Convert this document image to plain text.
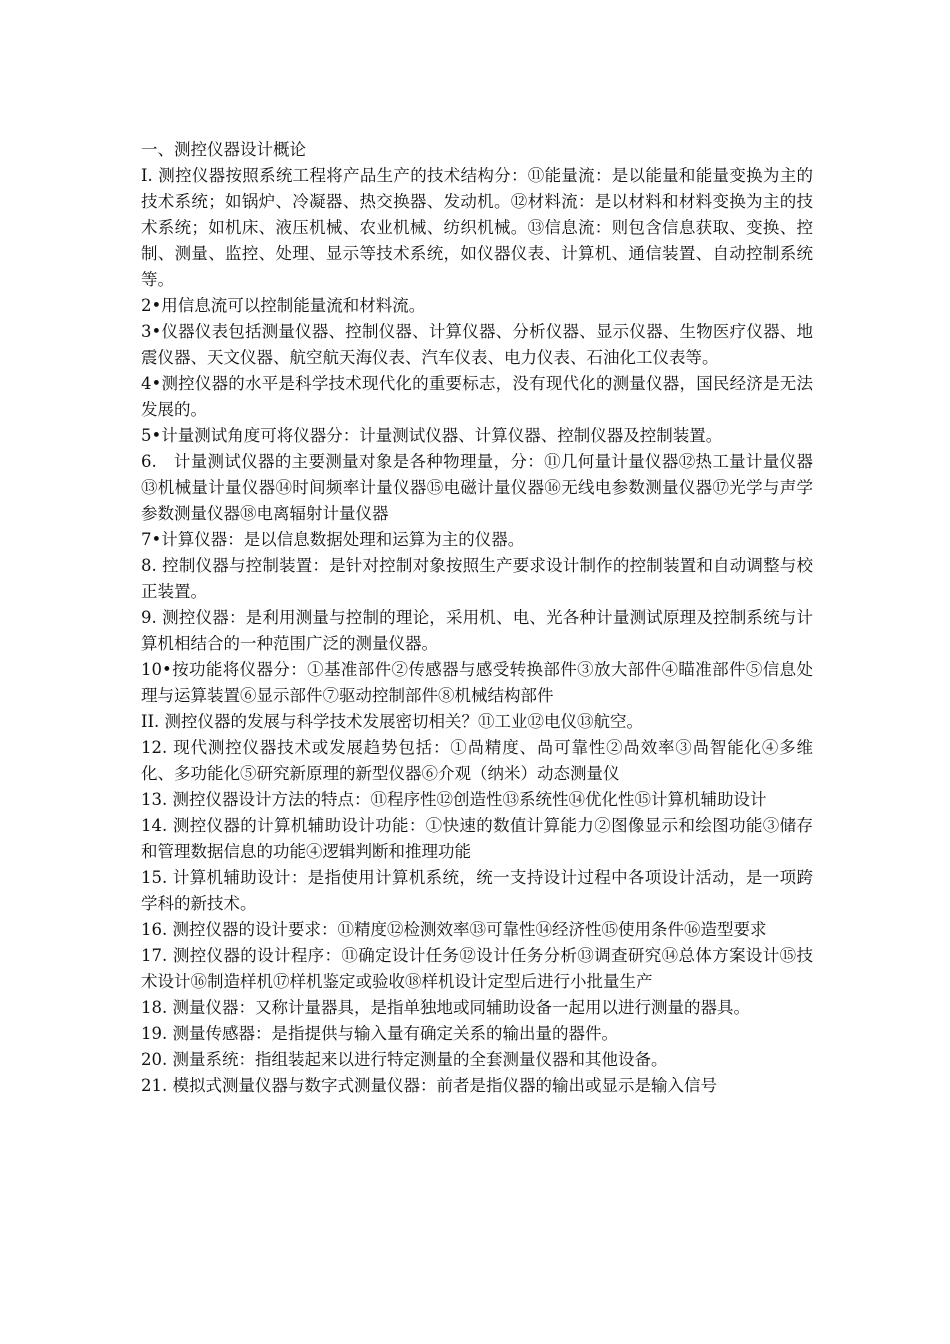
一、测控仪器设计概论

I. 测控仪器按照系统工程将产品生产的技术结构分：⑪能量流：是以能量和能量变换为主的技术系统；如锅炉、冷凝器、热交换器、发动机。⑫材料流：是以材料和材料变换为主的技术系统；如机床、液压机械、农业机械、纺织机械。⑬信息流：则包含信息获取、变换、控制、测量、监控、处理、显示等技术系统，如仪器仪表、计算机、通信装置、自动控制系统等。

2•用信息流可以控制能量流和材料流。

3•仪器仪表包括测量仪器、控制仪器、计算仪器、分析仪器、显示仪器、生物医疗仪器、地震仪器、天文仪器、航空航天海仪表、汽车仪表、电力仪表、石油化工仪表等。

4•测控仪器的水平是科学技术现代化的重要标志，没有现代化的测量仪器，国民经济是无法发展的。

5•计量测试角度可将仪器分：计量测试仪器、计算仪器、控制仪器及控制装置。

6.　计量测试仪器的主要测量对象是各种物理量，分：⑪几何量计量仪器⑫热工量计量仪器⑬机械量计量仪器⑭时间频率计量仪器⑮电磁计量仪器⑯无线电参数测量仪器⑰光学与声学参数测量仪器⑱电离辐射计量仪器

7•计算仪器：是以信息数据处理和运算为主的仪器。

8. 控制仪器与控制装置：是针对控制对象按照生产要求设计制作的控制装置和自动调整与校正装置。

9. 测控仪器：是利用测量与控制的理论，采用机、电、光各种计量测试原理及控制系统与计算机相结合的一种范围广泛的测量仪器。

10•按功能将仪器分：①基准部件②传感器与感受转换部件③放大部件④瞄准部件⑤信息处理与运算装置⑥显示部件⑦驱动控制部件⑧机械结构部件

II. 测控仪器的发展与科学技术发展密切相关？⑪工业⑫电仪⑬航空。

12. 现代测控仪器技术或发展趋势包括：①咼精度、咼可靠性②咼效率③咼智能化④多维化、多功能化⑤研究新原理的新型仪器⑥介观（纳米）动态测量仪

13. 测控仪器设计方法的特点：⑪程序性⑫创造性⑬系统性⑭优化性⑮计算机辅助设计

14. 测控仪器的计算机辅助设计功能：①快速的数值计算能力②图像显示和绘图功能③储存和管理数据信息的功能④逻辑判断和推理功能

15. 计算机辅助设计：是指使用计算机系统，统一支持设计过程中各项设计活动，是一项跨学科的新技术。

16. 测控仪器的设计要求：⑪精度⑫检测效率⑬可靠性⑭经济性⑮使用条件⑯造型要求

17. 测控仪器的设计程序：⑪确定设计任务⑫设计任务分析⑬调查研究⑭总体方案设计⑮技术设计⑯制造样机⑰样机鉴定或验收⑱样机设计定型后进行小批量生产

18. 测量仪器：又称计量器具，是指单独地或同辅助设备一起用以进行测量的器具。

19. 测量传感器：是指提供与输入量有确定关系的输出量的器件。

20. 测量系统：指组装起来以进行特定测量的全套测量仪器和其他设备。

21. 模拟式测量仪器与数字式测量仪器：前者是指仪器的输出或显示是输入信号
